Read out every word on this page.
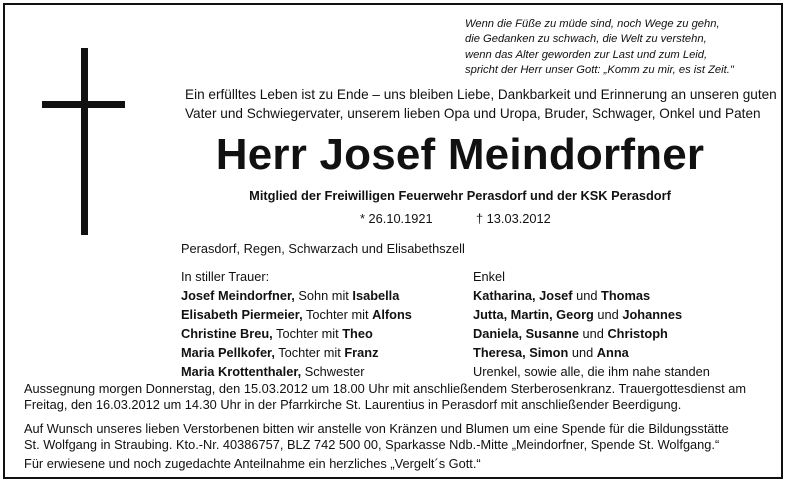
Wenn die Füße zu müde sind, noch Wege zu gehn,
die Gedanken zu schwach, die Welt zu verstehn,
wenn das Alter geworden zur Last und zum Leid,
spricht der Herr unser Gott: „Komm zu mir, es ist Zeit."
Ein erfülltes Leben ist zu Ende – uns bleiben Liebe, Dankbarkeit und Erinnerung an unseren guten
Vater und Schwiegervater, unserem lieben Opa und Uropa, Bruder, Schwager, Onkel und Paten
Herr Josef Meindorfner
Mitglied der Freiwilligen Feuerwehr Perasdorf und der KSK Perasdorf
* 26.10.1921	† 13.03.2012
Perasdorf, Regen, Schwarzach und Elisabethszell
In stiller Trauer:
Josef Meindorfner, Sohn mit Isabella
Elisabeth Piermeier, Tochter mit Alfons
Christine Breu, Tochter mit Theo
Maria Pellkofer, Tochter mit Franz
Maria Krottenthaler, Schwester
Enkel
Katharina, Josef und Thomas
Jutta, Martin, Georg und Johannes
Daniela, Susanne und Christoph
Theresa, Simon und Anna
Urenkel, sowie alle, die ihm nahe standen
Aussegnung morgen Donnerstag, den 15.03.2012 um 18.00 Uhr mit anschließendem Sterberosenkranz. Trauergottesdienst am
Freitag, den 16.03.2012 um 14.30 Uhr in der Pfarrkirche St. Laurentius in Perasdorf mit anschließender Beerdigung.
Auf Wunsch unseres lieben Verstorbenen bitten wir anstelle von Kränzen und Blumen um eine Spende für die Bildungsstätte
St. Wolfgang in Straubing. Kto.-Nr. 40386757, BLZ 742 500 00, Sparkasse Ndb.-Mitte „Meindorfner, Spende St. Wolfgang.“
Für erwiesene und noch zugedachte Anteilnahme ein herzliches „Vergelt´s Gott.“
